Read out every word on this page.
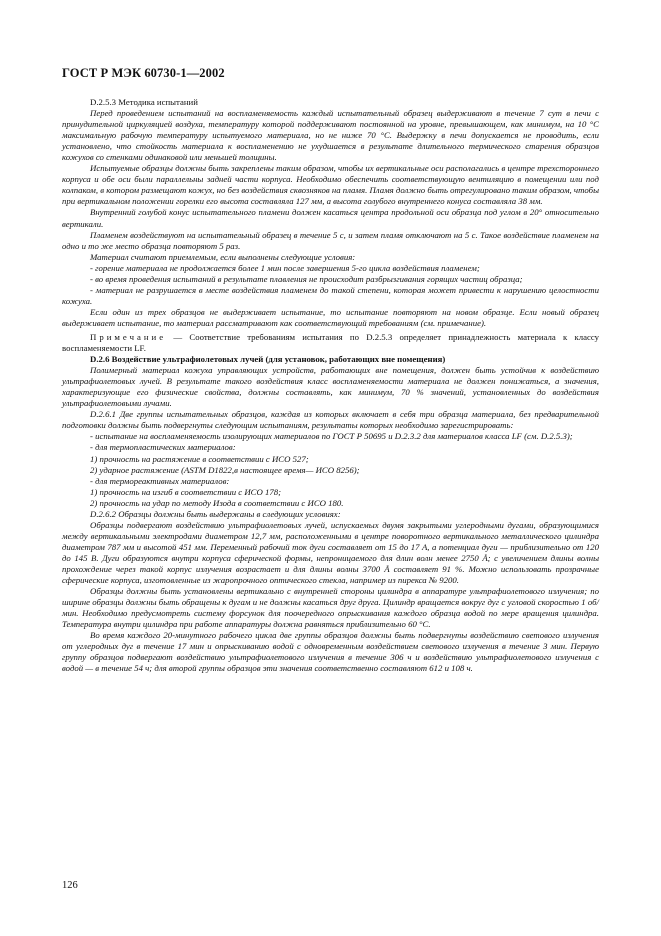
ГОСТ Р МЭК 60730-1—2002

D.2.5.3 Методика испытаний

Перед проведением испытаний на воспламеняемость каждый испытательный образец выдерживают в течение 7 сут в печи с принудительной циркуляцией воздуха, температуру которой поддерживают постоянной на уровне, превышающем, как минимум, на 10 °C максимальную рабочую температуру испытуемого материала, но не ниже 70 °C. Выдержку в печи допускается не проводить, если установлено, что стойкость материала к воспламенению не ухудшается в результате длительного термического старения образцов кожухов со стенками одинаковой или меньшей толщины.

Испытуемые образцы должны быть закреплены таким образом, чтобы их вертикальные оси располагались в центре трехстороннего корпуса и обе оси были параллельны задней части корпуса. Необходимо обеспечить соответствующую вентиляцию в помещении или под колпаком, в котором размещают кожух, но без воздействия сквозняков на пламя. Пламя должно быть отрегулировано таким образом, чтобы при вертикальном положении горелки его высота составляла 127 мм, а высота голубого внутреннего конуса составляла 38 мм.

Внутренний голубой конус испытательного пламени должен касаться центра продольной оси образца под углом в 20° относительно вертикали.

Пламенем воздействуют на испытательный образец в течение 5 с, и затем пламя отключают на 5 с. Такое воздействие пламенем на одно и то же место образца повторяют 5 раз.

Материал считают приемлемым, если выполнены следующие условия:

- горение материала не продолжается более 1 мин после завершения 5-го цикла воздействия пламенем;

- во время проведения испытаний в результате плавления не происходит разбрызгивания горящих частиц образца;

- материал не разрушается в месте воздействия пламенем до такой степени, которая может привести к нарушению целостности кожуха.

Если один из трех образцов не выдерживает испытание, то испытание повторяют на новом образце. Если новый образец выдерживает испытание, то материал рассматривают как соответствующий требованиям (см. примечание).

Примечание — Соответствие требованиям испытания по D.2.5.3 определяет принадлежность материала к классу воспламеняемости LF.

D.2.6 Воздействие ультрафиолетовых лучей (для установок, работающих вне помещения)

Полимерный материал кожуха управляющих устройств, работающих вне помещения, должен быть устойчив к воздействию ультрафиолетовых лучей. В результате такого воздействия класс воспламеняемости материала не должен понижаться, а значения, характеризующие его физические свойства, должны составлять, как минимум, 70 % значений, установленных до воздействия ультрафиолетовыми лучами.

D.2.6.1 Две группы испытательных образцов, каждая из которых включает в себя три образца материала, без предварительной подготовки должны быть подвергнуты следующим испытаниям, результаты которых необходимо зарегистрировать:

- испытание на воспламеняемость изолирующих материалов по ГОСТ Р 50695 и D.2.3.2 для материалов класса LF (см. D.2.5.3);

- для термопластических материалов:

1) прочность на растяжение в соответствии с ИСО 527;

2) ударное растяжение (ASTM D1822,в настоящее время— ИСО 8256);

- для термореактивных материалов:

1) прочность на изгиб в соответствии с ИСО 178;

2) прочность на удар по методу Изода в соответствии с ИСО 180.

D.2.6.2 Образцы должны быть выдержаны в следующих условиях:

Образцы подвергают воздействию ультрафиолетовых лучей, испускаемых двумя закрытыми углеродными дугами, образующимися между вертикальными электродами диаметром 12,7 мм, расположенными в центре поворотного вертикального металлического цилиндра диаметром 787 мм и высотой 451 мм. Переменный рабочий ток дуги составляет от 15 до 17 А, а потенциал дуги — приблизительно от 120 до 145 В. Дуги образуются внутри корпуса сферической формы, непроницаемого для длин волн менее 2750 Å; с увеличением длины волны прохождение через такой корпус излучения возрастает и для длины волны 3700 Å составляет 91 %. Можно использовать прозрачные сферические корпуса, изготовленные из жаропрочного оптического стекла, например из пирекса № 9200.

Образцы должны быть установлены вертикально с внутренней стороны цилиндра в аппаратуре ультрафиолетового излучения; по ширине образцы должны быть обращены к дугам и не должны касаться друг друга. Цилиндр вращается вокруг дуг с угловой скоростью 1 об/мин. Необходимо предусмотреть систему форсунок для поочередного опрыскивания каждого образца водой по мере вращения цилиндра. Температура внутри цилиндра при работе аппаратуры должна равняться приблизительно 60 °C.

Во время каждого 20-минутного рабочего цикла две группы образцов должны быть подвергнуты воздействию светового излучения от углеродных дуг в течение 17 мин и опрыскиванию водой с одновременным воздействием светового излучения в течение 3 мин. Первую группу образцов подвергают воздействию ультрафиолетового излучения в течение 306 ч и воздействию ультрафиолетового излучения с водой — в течение 54 ч; для второй группы образцов эти значения соответственно составляют 612 и 108 ч.

126
